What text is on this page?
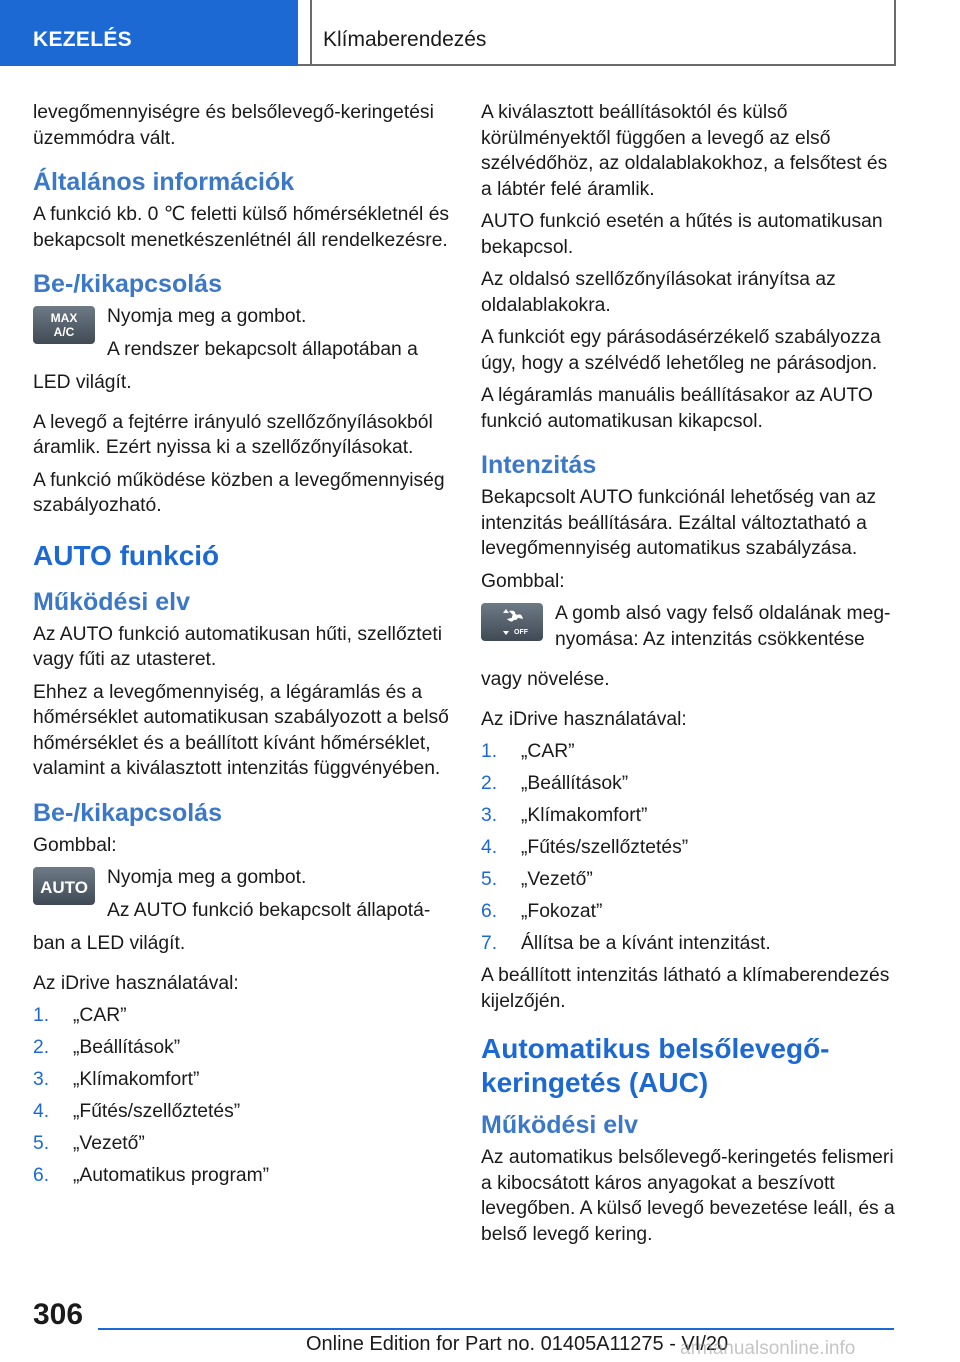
KEZELÉS	Klímaberendezés

levegőmennyiségre és belsőlevegő-keringetési üzemmódra vált.

Általános információk

A funkció kb. 0 ℃ feletti külső hőmérsékletnél és bekapcsolt menetkészenlétnél áll rendelkezésre.

Be-/kikapcsolás
MAX
A/C

Nyomja meg a gombot.

A rendszer bekapcsolt állapotában a

LED világít.

A levegő a fejtérre irányuló szellőzőnyílásokból áramlik. Ezért nyissa ki a szellőzőnyílásokat.

A funkció működése közben a levegőmennyiség szabályozható.

AUTO funkció
Működési elv

Az AUTO funkció automatikusan hűti, szellőzteti vagy fűti az utasteret.

Ehhez a levegőmennyiség, a légáramlás és a hőmérséklet automatikusan szabályozott a belső hőmérséklet és a beállított kívánt hőmérséklet, valamint a kiválasztott intenzitás függvényében.

Be-/kikapcsolás

Gombbal:

AUTO Nyomja meg a gombot.

Az AUTO funkció bekapcsolt állapotá-

ban a LED világít.

Az iDrive használatával:

1. „CAR”
2. „Beállítások”
3. „Klímakomfort”
4. „Fűtés/szellőztetés”
5. „Vezető”
6. „Automatikus program”

A kiválasztott beállításoktól és külső körülményektől függően a levegő az első szélvédőhöz, az oldalablakokhoz, a felsőtest és a lábtér felé áramlik.

AUTO funkció esetén a hűtés is automatikusan bekapcsol.

Az oldalsó szellőzőnyílásokat irányítsa az oldalablakokra.

A funkciót egy párásodásérzékelő szabályozza úgy, hogy a szélvédő lehetőleg ne párásodjon.

A légáramlás manuális beállításakor az AUTO funkció automatikusan kikapcsol.

Intenzitás

Bekapcsolt AUTO funkciónál lehetőség van az intenzitás beállítására. Ezáltal változtatható a levegőmennyiség automatikus szabályzása.

Gombbal:

OFF

A gomb alsó vagy felső oldalának meg-

nyomása: Az intenzitás csökkentése

vagy növelése.

Az iDrive használatával:

1. „CAR”
2. „Beállítások”
3. „Klímakomfort”
4. „Fűtés/szellőztetés”
5. „Vezető”
6. „Fokozat”
7. Állítsa be a kívánt intenzitást.

A beállított intenzitás látható a klímaberendezés kijelzőjén.

Automatikus belsőlevegő-keringetés (AUC)
Működési elv

Az automatikus belsőlevegő-keringetés felismeri a kibocsátott káros anyagokat a beszívott levegőben. A külső levegő bevezetése leáll, és a belső levegő kering.

306
Online Edition for Part no. 01405A11275 - VI/20
armanualsonline.info
